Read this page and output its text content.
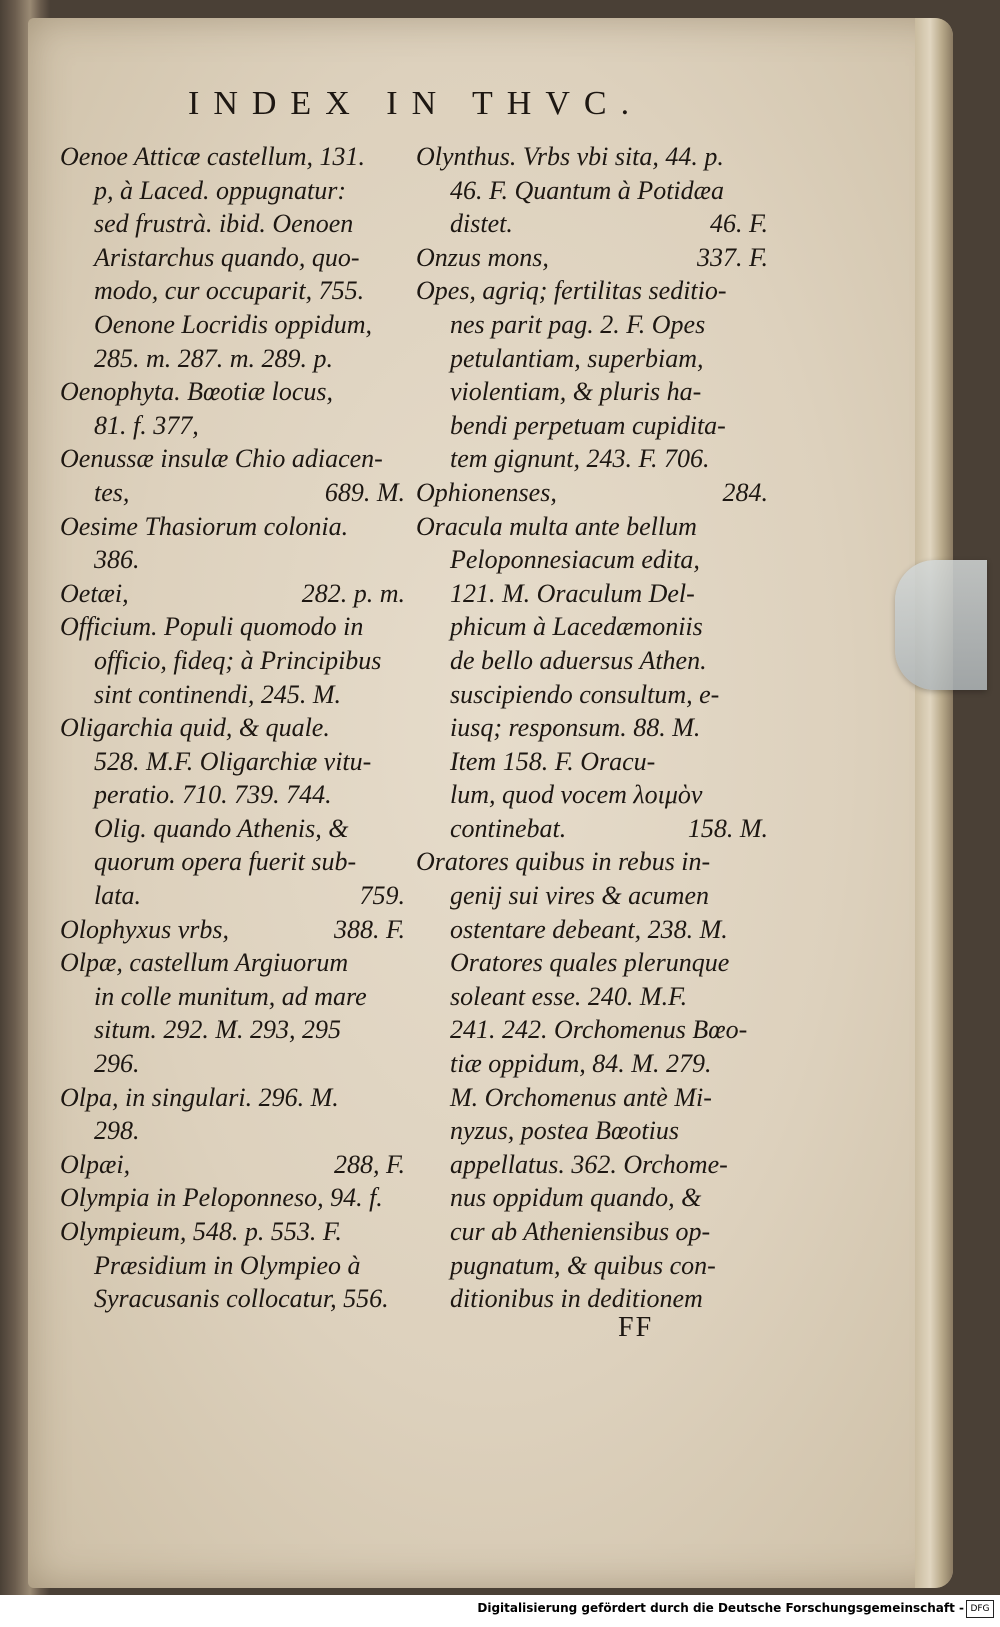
INDEX IN THVC.
Oenoe Atticæ castellum, 131.
p, à Laced. oppugnatur:
sed frustrà. ibid. Oenoen
Aristarchus quando, quo-
modo, cur occuparit, 755.
Oenone Locridis oppidum,
285. m. 287. m. 289. p.
Oenophyta. Bœotiæ locus,
81. f. 377,
Oenussæ insulæ Chio adiacen-
tes,	689. M.
Oesime Thasiorum colonia.
386.
Oetæi,	282. p. m.
Officium. Populi quomodo in
officio, fideq; à Principibus
sint continendi, 245. M.
Oligarchia quid, & quale.
528. M.F. Oligarchiæ vitu-
peratio. 710. 739. 744.
Olig. quando Athenis, &
quorum opera fuerit sub-
lata.	759.
Olophyxus vrbs,	388. F.
Olpæ, castellum Argiuorum
in colle munitum, ad mare
situm. 292. M. 293, 295
296.
Olpa, in singulari. 296. M.
298.
Olpæi,	288, F.
Olympia in Peloponneso, 94. f.
Olympieum, 548. p. 553. F.
Præsidium in Olympieo à
Syracusanis collocatur, 556.
Olynthus. Vrbs vbi sita, 44. p.
46. F. Quantum à Potidæa
distet.	46. F.
Onzus mons,	337. F.
Opes, agriq; fertilitas seditio-
nes parit pag. 2. F. Opes
petulantiam, superbiam,
violentiam, & pluris ha-
bendi perpetuam cupidita-
tem gignunt, 243. F. 706.
Ophionenses,	284.
Oracula multa ante bellum
Peloponnesiacum edita,
121. M. Oraculum Del-
phicum à Lacedæmoniis
de bello aduersus Athen.
suscipiendo consultum, e-
iusq; responsum. 88. M.
Item 158. F. Oracu-
lum, quod vocem λοιμὸν
continebat.	158. M.
Oratores quibus in rebus in-
genij sui vires & acumen
ostentare debeant, 238. M.
Oratores quales plerunque
soleant esse. 240. M.F.
241. 242. Orchomenus Bœo-
tiæ oppidum, 84. M. 279.
M. Orchomenus antè Mi-
nyzus, postea Bœotius
appellatus. 362. Orchome-
nus oppidum quando, &
cur ab Atheniensibus op-
pugnatum, & quibus con-
ditionibus in deditionem
FF
Digitalisierung gefördert durch die Deutsche Forschungsgemeinschaft - DFG
